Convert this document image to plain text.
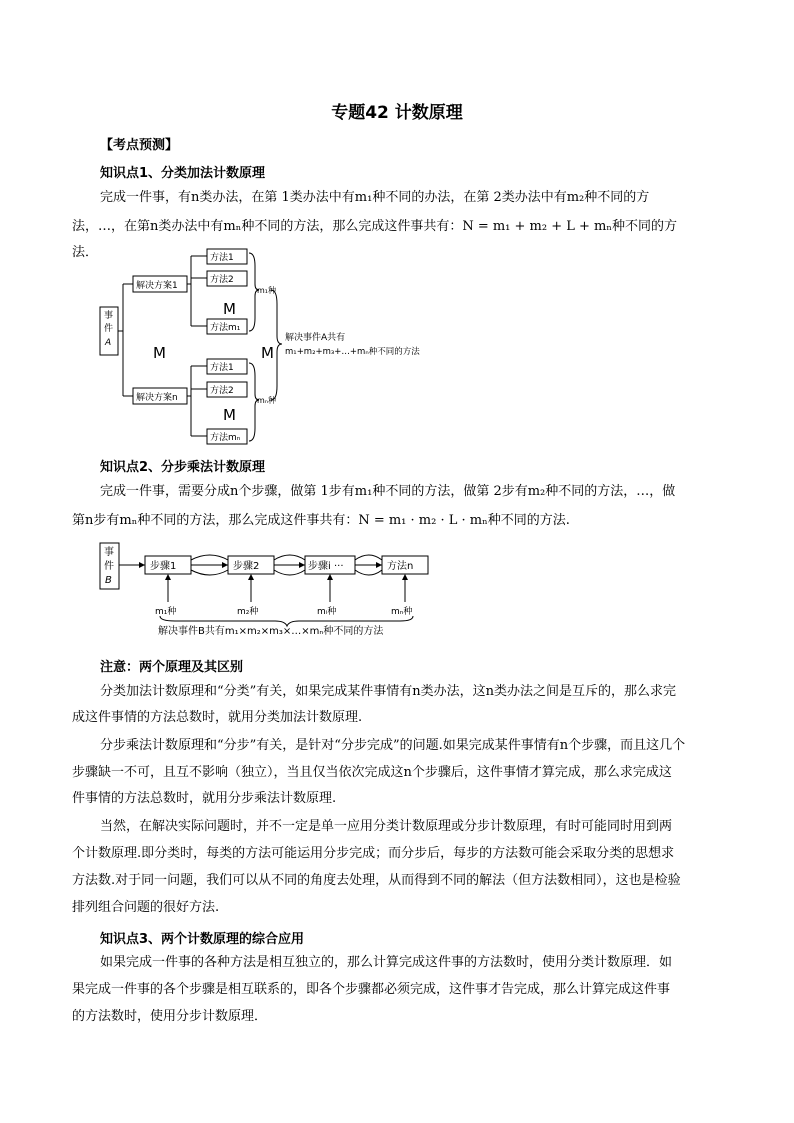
专题42 计数原理
【考点预测】
知识点1、分类加法计数原理
完成一件事，有n类办法，在第 1类办法中有m₁种不同的办法，在第 2类办法中有m₂种不同的方
法，…，在第n类办法中有mₙ种不同的方法，那么完成这件事共有：N = m₁ + m₂ + L + mₙ种不同的方法．
事
件
A
解决方案1
解决方案n
方法1
方法2
方法m₁
方法1
方法2
方法mₙ
m₁种
mₙ种
解决事件A共有
m₁+m₂+m₃+…+mₙ种不同的方法
M
M	M
M
知识点2、分步乘法计数原理
完成一件事，需要分成n个步骤，做第 1步有m₁种不同的方法，做第 2步有m₂种不同的方法，…，做
第n步有mₙ种不同的方法，那么完成这件事共有：N = m₁ · m₂ · L · mₙ种不同的方法.
事
件
B
步骤1	步骤2	步骤i ···	方法n
m₁种	m₂种	mᵢ种	mₙ种
解决事件B共有m₁×m₂×m₃×…×mₙ种不同的方法
注意：两个原理及其区别
分类加法计数原理和“分类”有关，如果完成某件事情有n类办法，这n类办法之间是互斥的，那么求完
成这件事情的方法总数时，就用分类加法计数原理.
分步乘法计数原理和“分步”有关，是针对“分步完成”的问题.如果完成某件事情有n个步骤，而且这几个
步骤缺一不可，且互不影响（独立），当且仅当依次完成这n个步骤后，这件事情才算完成，那么求完成这
件事情的方法总数时，就用分步乘法计数原理.
当然，在解决实际问题时，并不一定是单一应用分类计数原理或分步计数原理，有时可能同时用到两
个计数原理.即分类时，每类的方法可能运用分步完成；而分步后，每步的方法数可能会采取分类的思想求
方法数.对于同一问题，我们可以从不同的角度去处理，从而得到不同的解法（但方法数相同），这也是检验
排列组合问题的很好方法.
知识点3、两个计数原理的综合应用
如果完成一件事的各种方法是相互独立的，那么计算完成这件事的方法数时，使用分类计数原理．如
果完成一件事的各个步骤是相互联系的，即各个步骤都必须完成，这件事才告完成，那么计算完成这件事
的方法数时，使用分步计数原理．
